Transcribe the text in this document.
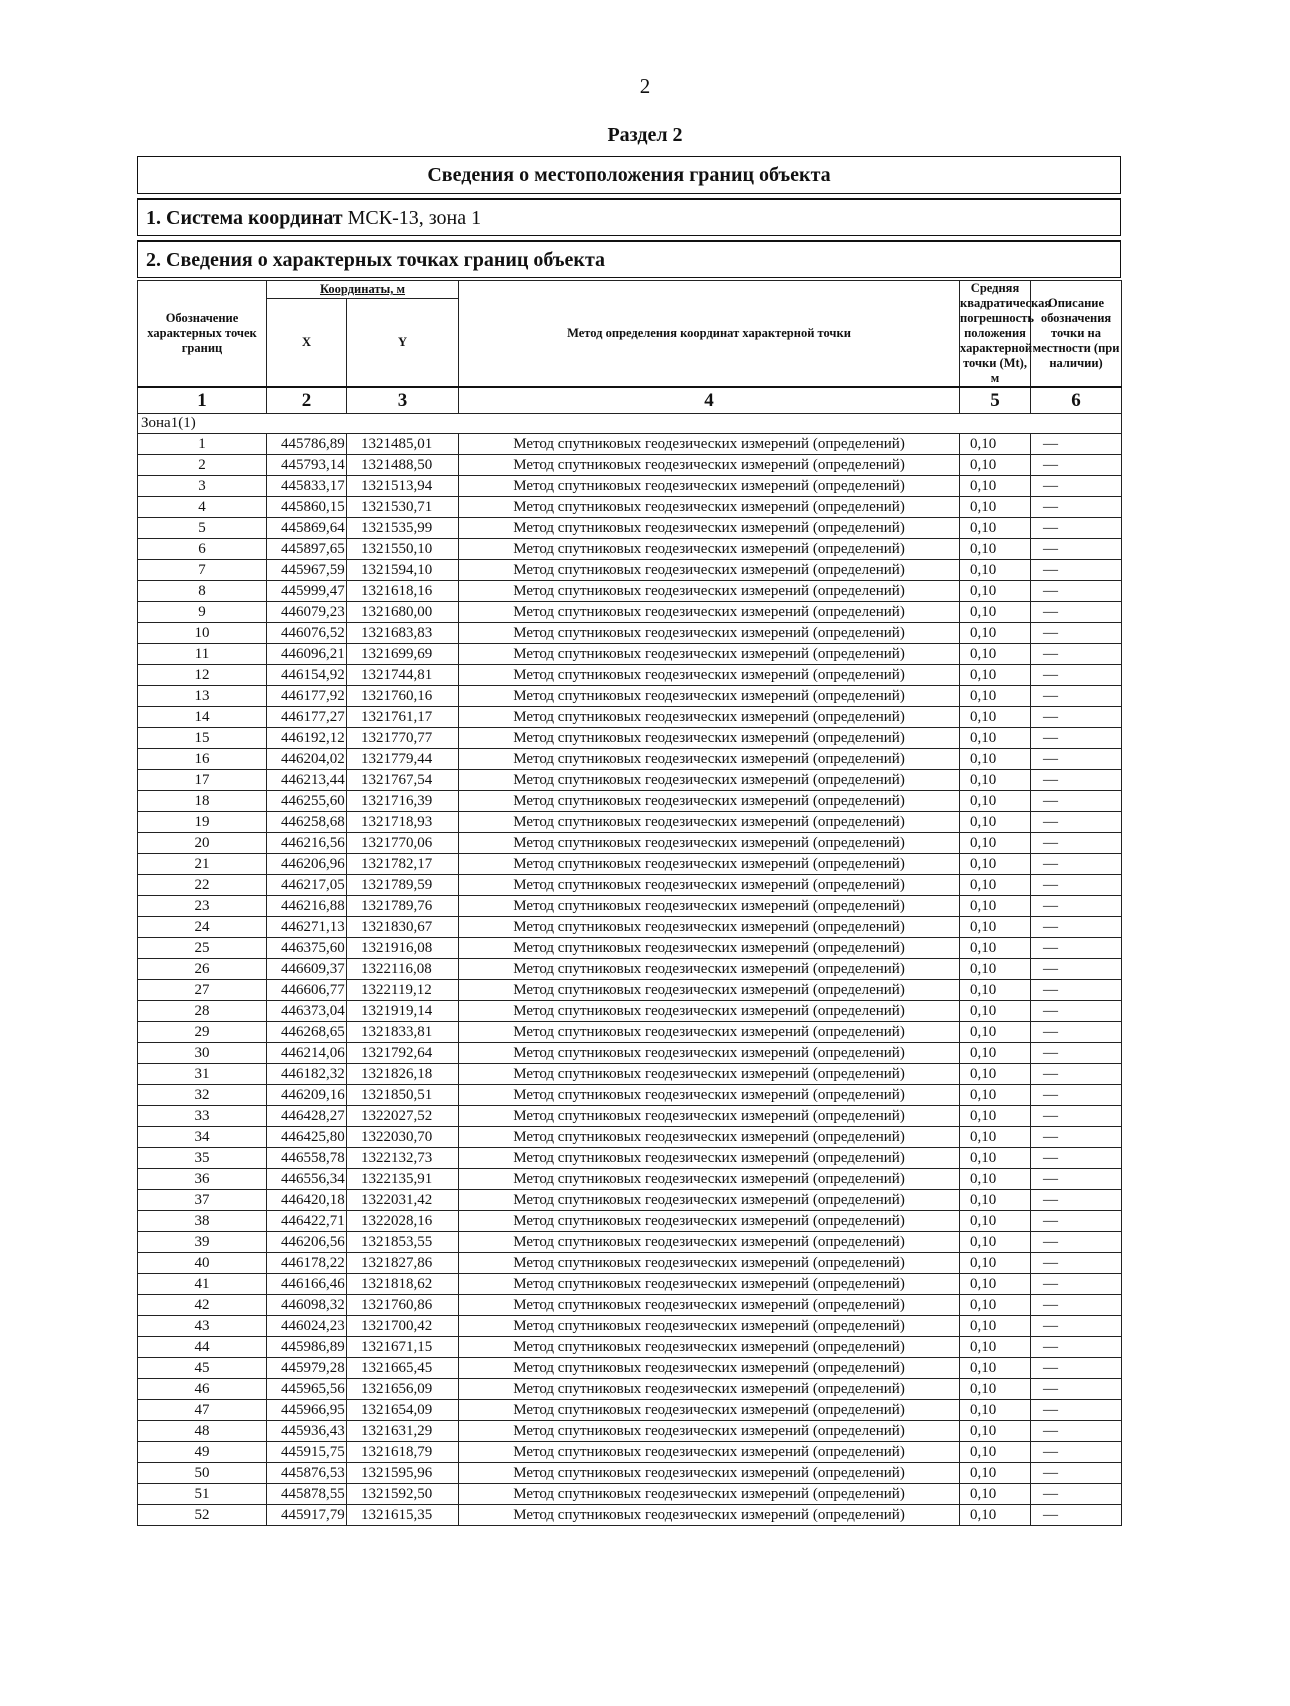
2
Раздел 2
Сведения о местоположения границ объекта
1. Система координат МСК-13, зона 1
2. Сведения о характерных точках границ объекта
Обозначение характерных точек границ	Координаты, м		Метод определения координат характерной точки	Средняя квадратическая погрешность положения характерной точки (Mt), м	Описание обозначения точки на местности (при наличии)
	X	Y			
1	2	3	4	5	6
Зона1(1)					
1	445786,89	1321485,01	Метод спутниковых геодезических измерений (определений)	0,10	—
2	445793,14	1321488,50	Метод спутниковых геодезических измерений (определений)	0,10	—
3	445833,17	1321513,94	Метод спутниковых геодезических измерений (определений)	0,10	—
4	445860,15	1321530,71	Метод спутниковых геодезических измерений (определений)	0,10	—
5	445869,64	1321535,99	Метод спутниковых геодезических измерений (определений)	0,10	—
6	445897,65	1321550,10	Метод спутниковых геодезических измерений (определений)	0,10	—
7	445967,59	1321594,10	Метод спутниковых геодезических измерений (определений)	0,10	—
8	445999,47	1321618,16	Метод спутниковых геодезических измерений (определений)	0,10	—
9	446079,23	1321680,00	Метод спутниковых геодезических измерений (определений)	0,10	—
10	446076,52	1321683,83	Метод спутниковых геодезических измерений (определений)	0,10	—
11	446096,21	1321699,69	Метод спутниковых геодезических измерений (определений)	0,10	—
12	446154,92	1321744,81	Метод спутниковых геодезических измерений (определений)	0,10	—
13	446177,92	1321760,16	Метод спутниковых геодезических измерений (определений)	0,10	—
14	446177,27	1321761,17	Метод спутниковых геодезических измерений (определений)	0,10	—
15	446192,12	1321770,77	Метод спутниковых геодезических измерений (определений)	0,10	—
16	446204,02	1321779,44	Метод спутниковых геодезических измерений (определений)	0,10	—
17	446213,44	1321767,54	Метод спутниковых геодезических измерений (определений)	0,10	—
18	446255,60	1321716,39	Метод спутниковых геодезических измерений (определений)	0,10	—
19	446258,68	1321718,93	Метод спутниковых геодезических измерений (определений)	0,10	—
20	446216,56	1321770,06	Метод спутниковых геодезических измерений (определений)	0,10	—
21	446206,96	1321782,17	Метод спутниковых геодезических измерений (определений)	0,10	—
22	446217,05	1321789,59	Метод спутниковых геодезических измерений (определений)	0,10	—
23	446216,88	1321789,76	Метод спутниковых геодезических измерений (определений)	0,10	—
24	446271,13	1321830,67	Метод спутниковых геодезических измерений (определений)	0,10	—
25	446375,60	1321916,08	Метод спутниковых геодезических измерений (определений)	0,10	—
26	446609,37	1322116,08	Метод спутниковых геодезических измерений (определений)	0,10	—
27	446606,77	1322119,12	Метод спутниковых геодезических измерений (определений)	0,10	—
28	446373,04	1321919,14	Метод спутниковых геодезических измерений (определений)	0,10	—
29	446268,65	1321833,81	Метод спутниковых геодезических измерений (определений)	0,10	—
30	446214,06	1321792,64	Метод спутниковых геодезических измерений (определений)	0,10	—
31	446182,32	1321826,18	Метод спутниковых геодезических измерений (определений)	0,10	—
32	446209,16	1321850,51	Метод спутниковых геодезических измерений (определений)	0,10	—
33	446428,27	1322027,52	Метод спутниковых геодезических измерений (определений)	0,10	—
34	446425,80	1322030,70	Метод спутниковых геодезических измерений (определений)	0,10	—
35	446558,78	1322132,73	Метод спутниковых геодезических измерений (определений)	0,10	—
36	446556,34	1322135,91	Метод спутниковых геодезических измерений (определений)	0,10	—
37	446420,18	1322031,42	Метод спутниковых геодезических измерений (определений)	0,10	—
38	446422,71	1322028,16	Метод спутниковых геодезических измерений (определений)	0,10	—
39	446206,56	1321853,55	Метод спутниковых геодезических измерений (определений)	0,10	—
40	446178,22	1321827,86	Метод спутниковых геодезических измерений (определений)	0,10	—
41	446166,46	1321818,62	Метод спутниковых геодезических измерений (определений)	0,10	—
42	446098,32	1321760,86	Метод спутниковых геодезических измерений (определений)	0,10	—
43	446024,23	1321700,42	Метод спутниковых геодезических измерений (определений)	0,10	—
44	445986,89	1321671,15	Метод спутниковых геодезических измерений (определений)	0,10	—
45	445979,28	1321665,45	Метод спутниковых геодезических измерений (определений)	0,10	—
46	445965,56	1321656,09	Метод спутниковых геодезических измерений (определений)	0,10	—
47	445966,95	1321654,09	Метод спутниковых геодезических измерений (определений)	0,10	—
48	445936,43	1321631,29	Метод спутниковых геодезических измерений (определений)	0,10	—
49	445915,75	1321618,79	Метод спутниковых геодезических измерений (определений)	0,10	—
50	445876,53	1321595,96	Метод спутниковых геодезических измерений (определений)	0,10	—
51	445878,55	1321592,50	Метод спутниковых геодезических измерений (определений)	0,10	—
52	445917,79	1321615,35	Метод спутниковых геодезических измерений (определений)	0,10	—
